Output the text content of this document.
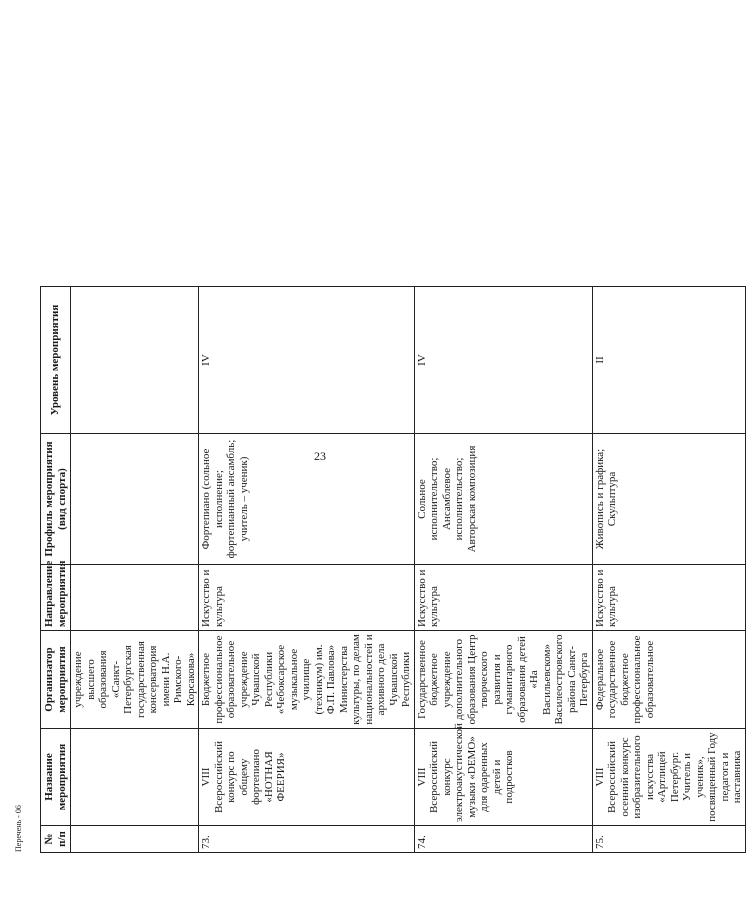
23
№ п/п	Название мероприятия	Организатор мероприятия	Направление мероприятия	Профиль мероприятия (вид спорта)	Уровень мероприятия
		учреждение высшего образования «Санкт-Петербургская государственная консерватория имени Н.А. Римского-Корсакова»			
73.	VIII Всероссийский конкурс по общему фортепиано «НОТНАЯ ФЕЕРИЯ»	Бюджетное профессиональное образовательное учреждение Чувашской Республики «Чебоксарское музыкальное училище (техникум) им. Ф.П. Павлова» Министерства культуры, по делам национальностей и архивного дела Чувашской Республики	Искусство и культура	Фортепиано (сольное исполнение; фортепианный ансамбль; учитель – ученик)	IV
74.	VIII Всероссийский конкурс электроакустической музыки «DEMO» для одаренных детей и подростков	Государственное бюджетное учреждение дополнительного образования Центр творческого развития и гуманитарного образования детей «На Васильевском» Василеостровского района Санкт-Петербурга	Искусство и культура	Сольное исполнительство; Ансамблевое исполнительство; Авторская композиция	IV
75.	VIII Всероссийский осенний конкурс изобразительного искусства «Артлицей Петербург. Учитель и ученик», посвященный Году педагога и наставника	Федеральное государственное бюджетное профессиональное образовательное	Искусство и культура	Живопись и графика; Скульптура	II
Перечень - 06
